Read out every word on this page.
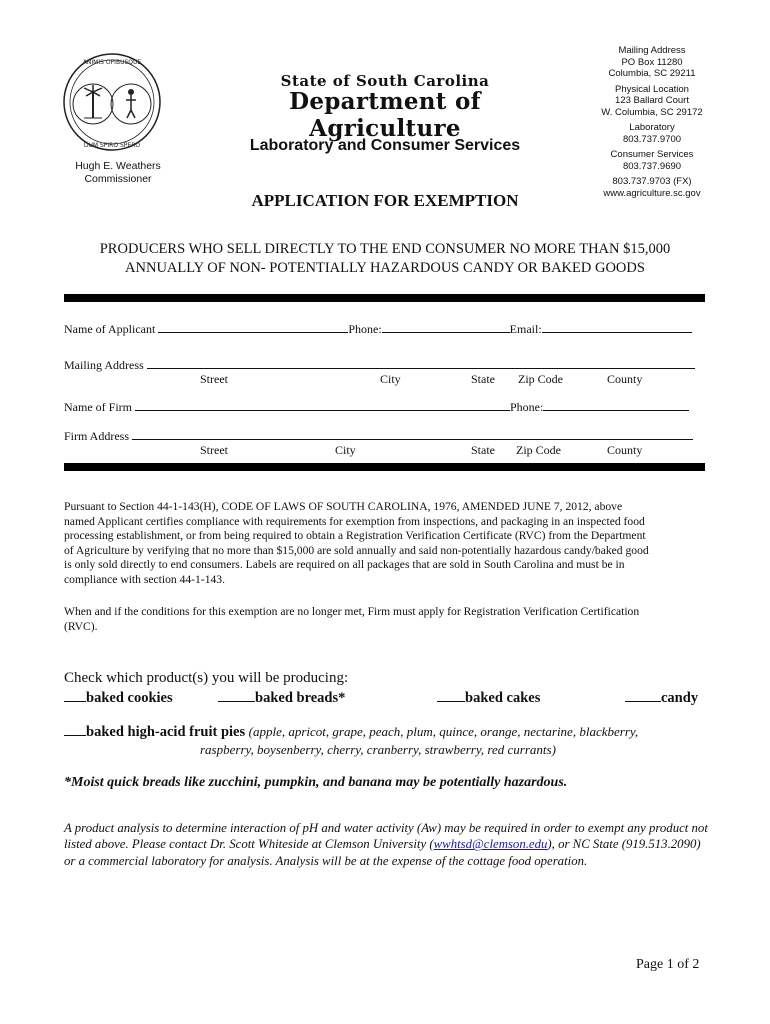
ANIMIS OPIBUSQUE
DUM SPIRO SPERO
Hugh E. Weathers
Commissioner
State of South Carolina
Department of Agriculture
Laboratory and Consumer Services
APPLICATION FOR EXEMPTION
Mailing Address
PO Box 11280
Columbia, SC 29211
Physical Location
123 Ballard Court
W. Columbia, SC 29172
Laboratory
803.737.9700
Consumer Services
803.737.9690
803.737.9703 (FX)
www.agriculture.sc.gov
PRODUCERS WHO SELL DIRECTLY TO THE END CONSUMER NO MORE THAN $15,000
ANNUALLY OF NON- POTENTIALLY HAZARDOUS CANDY OR BAKED GOODS
Name of Applicant	Phone:	Email:
Mailing Address
Street	City	State Zip Code	County
Name of Firm	Phone:
Firm Address
Street	City	State Zip Code	County
Pursuant to Section 44-1-143(H), CODE OF LAWS OF SOUTH CAROLINA, 1976, AMENDED JUNE 7, 2012, above
named Applicant certifies compliance with requirements for exemption from inspections, and packaging in an inspected food
processing establishment, or from being required to obtain a Registration Verification Certificate (RVC) from the Department
of Agriculture by verifying that no more than $15,000 are sold annually and said non-potentially hazardous candy/baked good
is only sold directly to end consumers. Labels are required on all packages that are sold in South Carolina and must be in
compliance with section 44-1-143.
When and if the conditions for this exemption are no longer met, Firm must apply for Registration Verification Certification
(RVC).
Check which product(s) you will be producing:
baked cookies	baked breads*	baked cakes	candy
baked high-acid fruit pies (apple, apricot, grape, peach, plum, quince, orange, nectarine, blackberry,
raspberry, boysenberry, cherry, cranberry, strawberry, red currants)
*Moist quick breads like zucchini, pumpkin, and banana may be potentially hazardous.
A product analysis to determine interaction of pH and water activity (Aw) may be required in order to exempt any product not listed above. Please contact Dr. Scott Whiteside at Clemson University (wwhtsd@clemson.edu), or NC State (919.513.2090) or a commercial laboratory for analysis. Analysis will be at the expense of the cottage food operation.
Page 1 of 2
